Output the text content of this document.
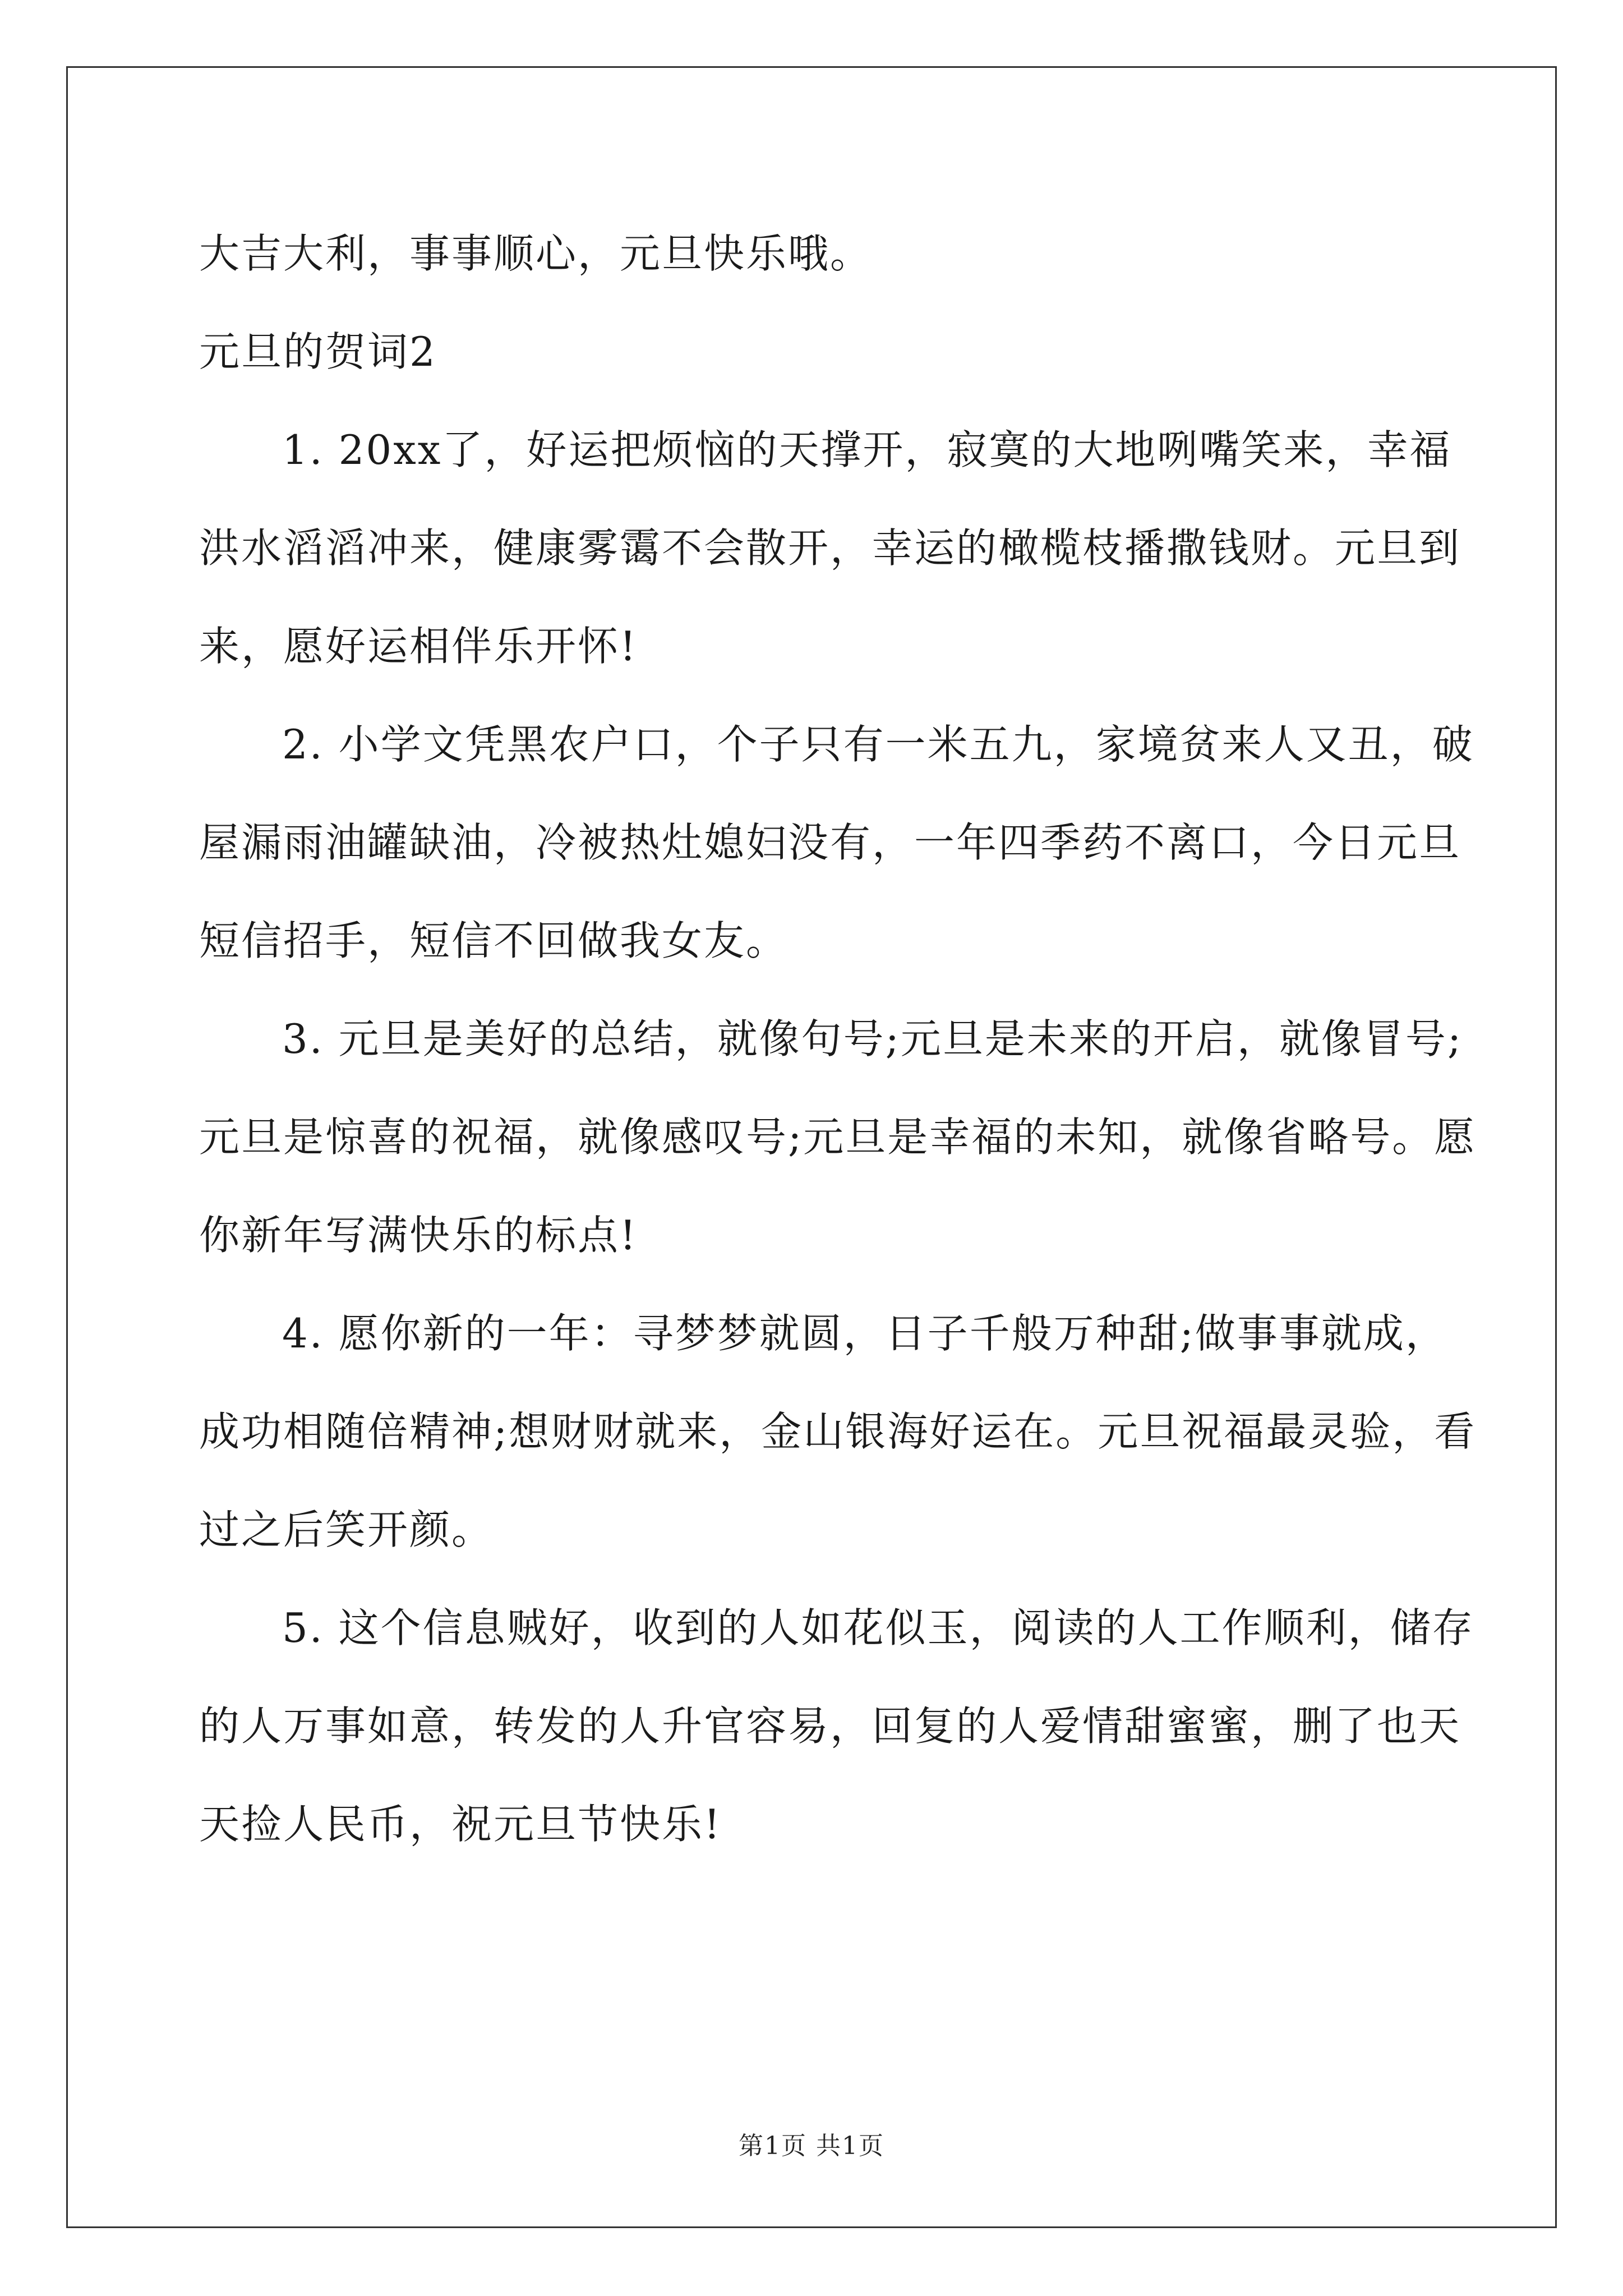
大吉大利，事事顺心，元旦快乐哦。
元旦的贺词2
1. 20xx了，好运把烦恼的天撑开，寂寞的大地咧嘴笑来，幸福
洪水滔滔冲来，健康雾霭不会散开，幸运的橄榄枝播撒钱财。元旦到
来，愿好运相伴乐开怀!
2. 小学文凭黑农户口，个子只有一米五九，家境贫来人又丑，破
屋漏雨油罐缺油，冷被热灶媳妇没有，一年四季药不离口，今日元旦
短信招手，短信不回做我女友。
3. 元旦是美好的总结，就像句号;元旦是未来的开启，就像冒号;
元旦是惊喜的祝福，就像感叹号;元旦是幸福的未知，就像省略号。愿
你新年写满快乐的标点!
4. 愿你新的一年：寻梦梦就圆，日子千般万种甜;做事事就成，
成功相随倍精神;想财财就来，金山银海好运在。元旦祝福最灵验，看
过之后笑开颜。
5. 这个信息贼好，收到的人如花似玉，阅读的人工作顺利，储存
的人万事如意，转发的人升官容易，回复的人爱情甜蜜蜜，删了也天
天捡人民币，祝元旦节快乐!
第1页 共1页
